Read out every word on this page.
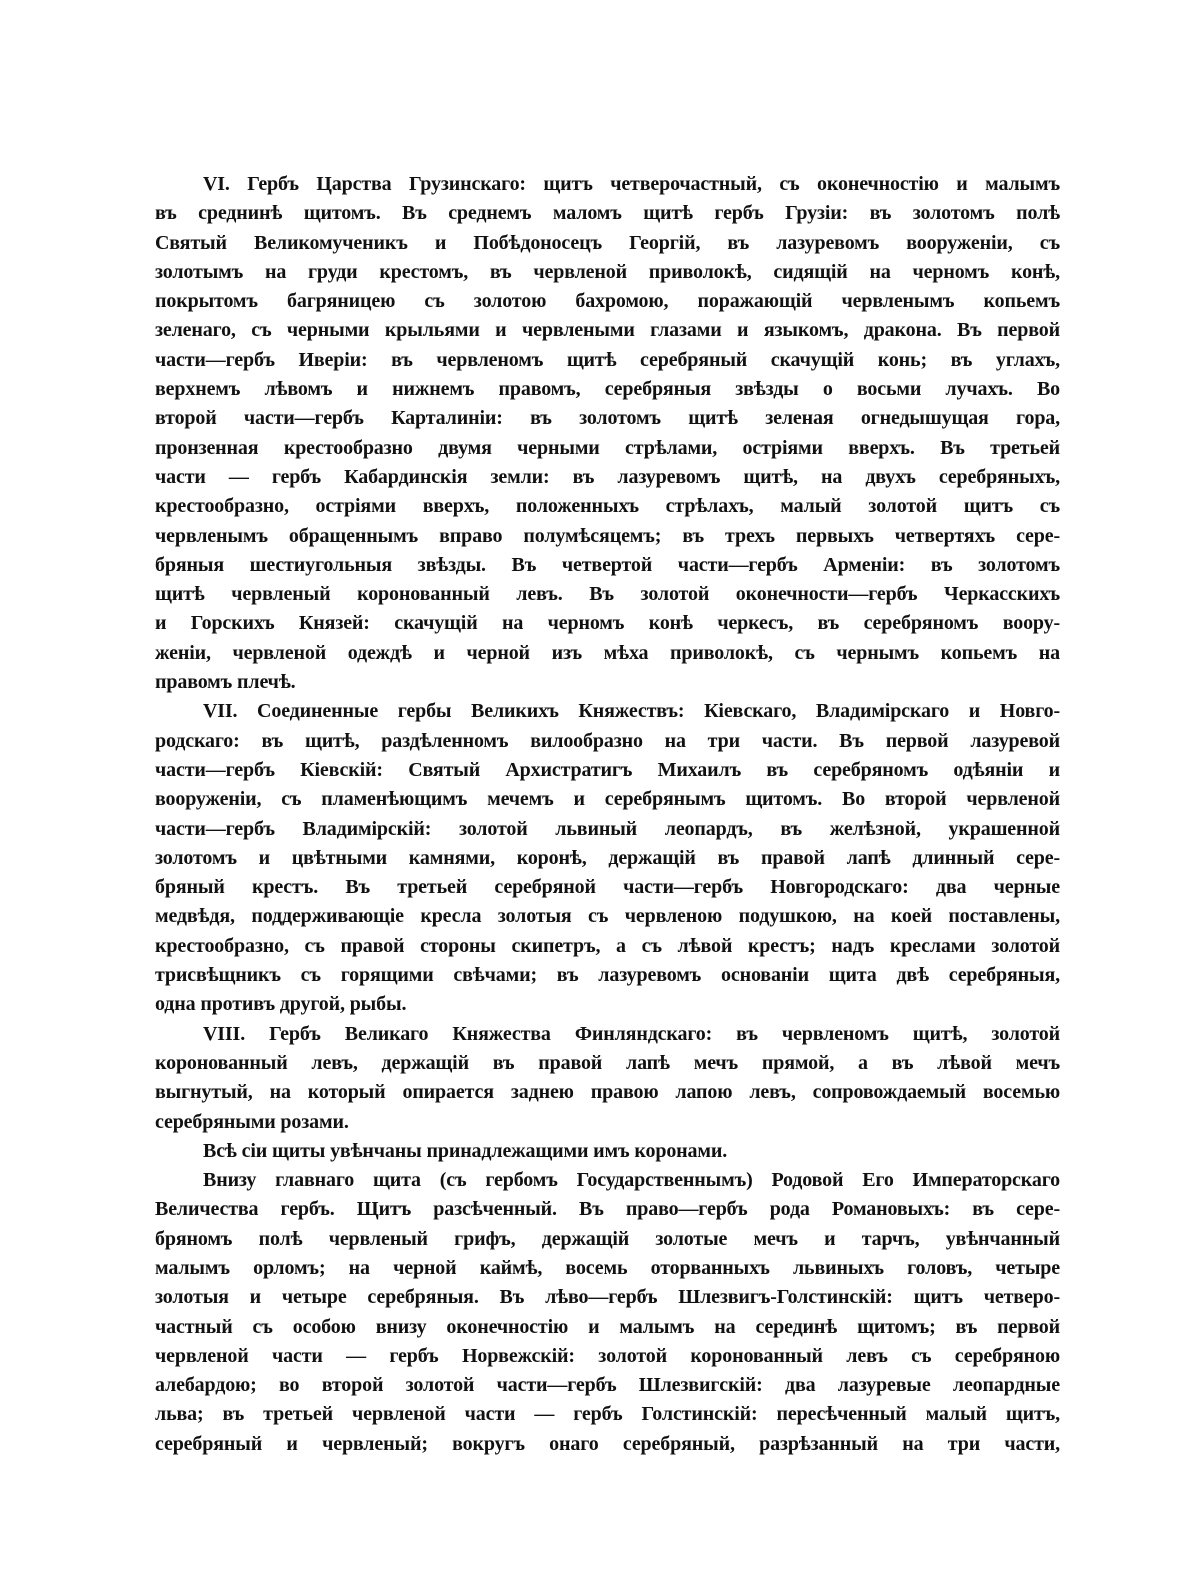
VI. Гербъ Царства Грузинскаго: щитъ четверочастный, съ оконечностію и малымъ
въ среднинѣ щитомъ. Въ среднемъ маломъ щитѣ гербъ Грузіи: въ золотомъ полѣ
Святый Великомученикъ и Побѣдоносецъ Георгій, въ лазуревомъ вооруженіи, съ
золотымъ на груди крестомъ, въ червленой приволокѣ, сидящій на черномъ конѣ,
покрытомъ багряницею съ золотою бахромою, поражающій червленымъ копьемъ
зеленаго, съ черными крыльями и червлеными глазами и языкомъ, дракона. Въ первой
части—гербъ Иверіи: въ червленомъ щитѣ серебряный скачущій конь; въ углахъ,
верхнемъ лѣвомъ и нижнемъ правомъ, серебряныя звѣзды о восьми лучахъ. Во
второй части—гербъ Карталиніи: въ золотомъ щитѣ зеленая огнедышущая гора,
пронзенная крестообразно двумя черными стрѣлами, остріями вверхъ. Въ третьей
части — гербъ Кабардинскія земли: въ лазуревомъ щитѣ, на двухъ серебряныхъ,
крестообразно, остріями вверхъ, положенныхъ стрѣлахъ, малый золотой щитъ съ
червленымъ обращеннымъ вправо полумѣсяцемъ; въ трехъ первыхъ четвертяхъ сере-
бряныя шестиугольныя звѣзды. Въ четвертой части—гербъ Арменіи: въ золотомъ
щитѣ червленый коронованный левъ. Въ золотой оконечности—гербъ Черкасскихъ
и Горскихъ Князей: скачущій на черномъ конѣ черкесъ, въ серебряномъ воору-
женіи, червленой одеждѣ и черной изъ мѣха приволокѣ, съ чернымъ копьемъ на
правомъ плечѣ.
VII. Соединенные гербы Великихъ Княжествъ: Кіевскаго, Владимірскаго и Новго-
родскаго: въ щитѣ, раздѣленномъ вилообразно на три части. Въ первой лазуревой
части—гербъ Кіевскій: Святый Архистратигъ Михаилъ въ серебряномъ одѣяніи и
вооруженіи, съ пламенѣющимъ мечемъ и серебрянымъ щитомъ. Во второй червленой
части—гербъ Владимірскій: золотой львиный леопардъ, въ желѣзной, украшенной
золотомъ и цвѣтными камнями, коронѣ, держащій въ правой лапѣ длинный сере-
бряный крестъ. Въ третьей серебряной части—гербъ Новгородскаго: два черные
медвѣдя, поддерживающіе кресла золотыя съ червленою подушкою, на коей поставлены,
крестообразно, съ правой стороны скипетръ, а съ лѣвой крестъ; надъ креслами золотой
трисвѣщникъ съ горящими свѣчами; въ лазуревомъ основаніи щита двѣ серебряныя,
одна противъ другой, рыбы.
VIII. Гербъ Великаго Княжества Финляндскаго: въ червленомъ щитѣ, золотой
коронованный левъ, держащій въ правой лапѣ мечъ прямой, а въ лѣвой мечъ
выгнутый, на который опирается заднею правою лапою левъ, сопровождаемый восемью
серебряными розами.
Всѣ сіи щиты увѣнчаны принадлежащими имъ коронами.
Внизу главнаго щита (съ гербомъ Государственнымъ) Родовой Его Императорскаго
Величества гербъ. Щитъ разсѣченный. Въ право—гербъ рода Романовыхъ: въ сере-
бряномъ полѣ червленый грифъ, держащій золотые мечъ и тарчъ, увѣнчанный
малымъ орломъ; на черной каймѣ, восемь оторванныхъ львиныхъ головъ, четыре
золотыя и четыре серебряныя. Въ лѣво—гербъ Шлезвигъ-Голстинскій: щитъ четверо-
частный съ особою внизу оконечностію и малымъ на серединѣ щитомъ; въ первой
червленой части — гербъ Норвежскій: золотой коронованный левъ съ серебряною
алебардою; во второй золотой части—гербъ Шлезвигскій: два лазуревые леопардные
льва; въ третьей червленой части — гербъ Голстинскій: пересѣченный малый щитъ,
серебряный и червленый; вокругъ онаго серебряный, разрѣзанный на три части,
